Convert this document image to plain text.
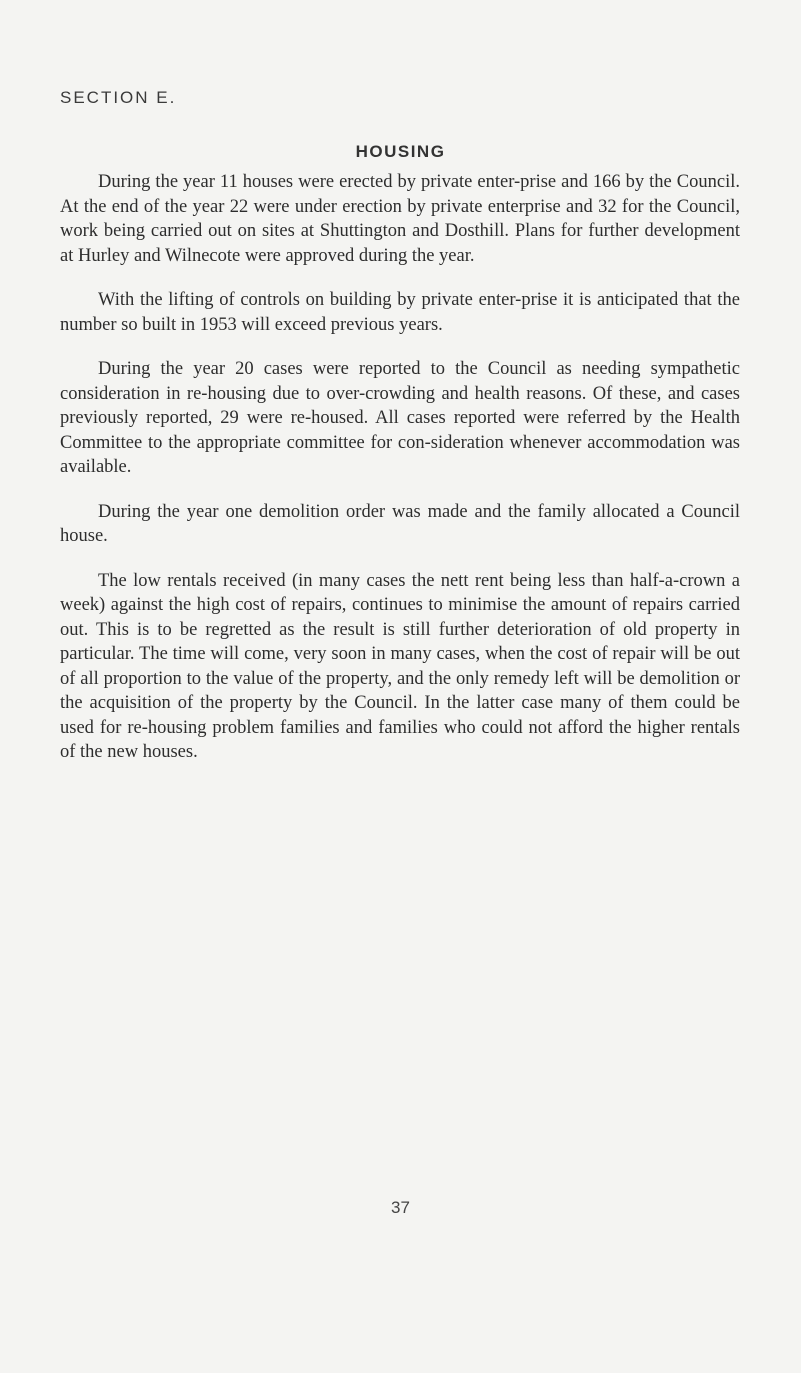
SECTION E.
HOUSING

During the year 11 houses were erected by private enter-prise and 166 by the Council. At the end of the year 22 were under erection by private enterprise and 32 for the Council, work being carried out on sites at Shuttington and Dosthill. Plans for further development at Hurley and Wilnecote were approved during the year.

With the lifting of controls on building by private enter-prise it is anticipated that the number so built in 1953 will exceed previous years.

During the year 20 cases were reported to the Council as needing sympathetic consideration in re-housing due to over-crowding and health reasons. Of these, and cases previously reported, 29 were re-housed. All cases reported were referred by the Health Committee to the appropriate committee for con-sideration whenever accommodation was available.

During the year one demolition order was made and the family allocated a Council house.

The low rentals received (in many cases the nett rent being less than half-a-crown a week) against the high cost of repairs, continues to minimise the amount of repairs carried out. This is to be regretted as the result is still further deterioration of old property in particular. The time will come, very soon in many cases, when the cost of repair will be out of all proportion to the value of the property, and the only remedy left will be demolition or the acquisition of the property by the Council. In the latter case many of them could be used for re-housing problem families and families who could not afford the higher rentals of the new houses.

37
